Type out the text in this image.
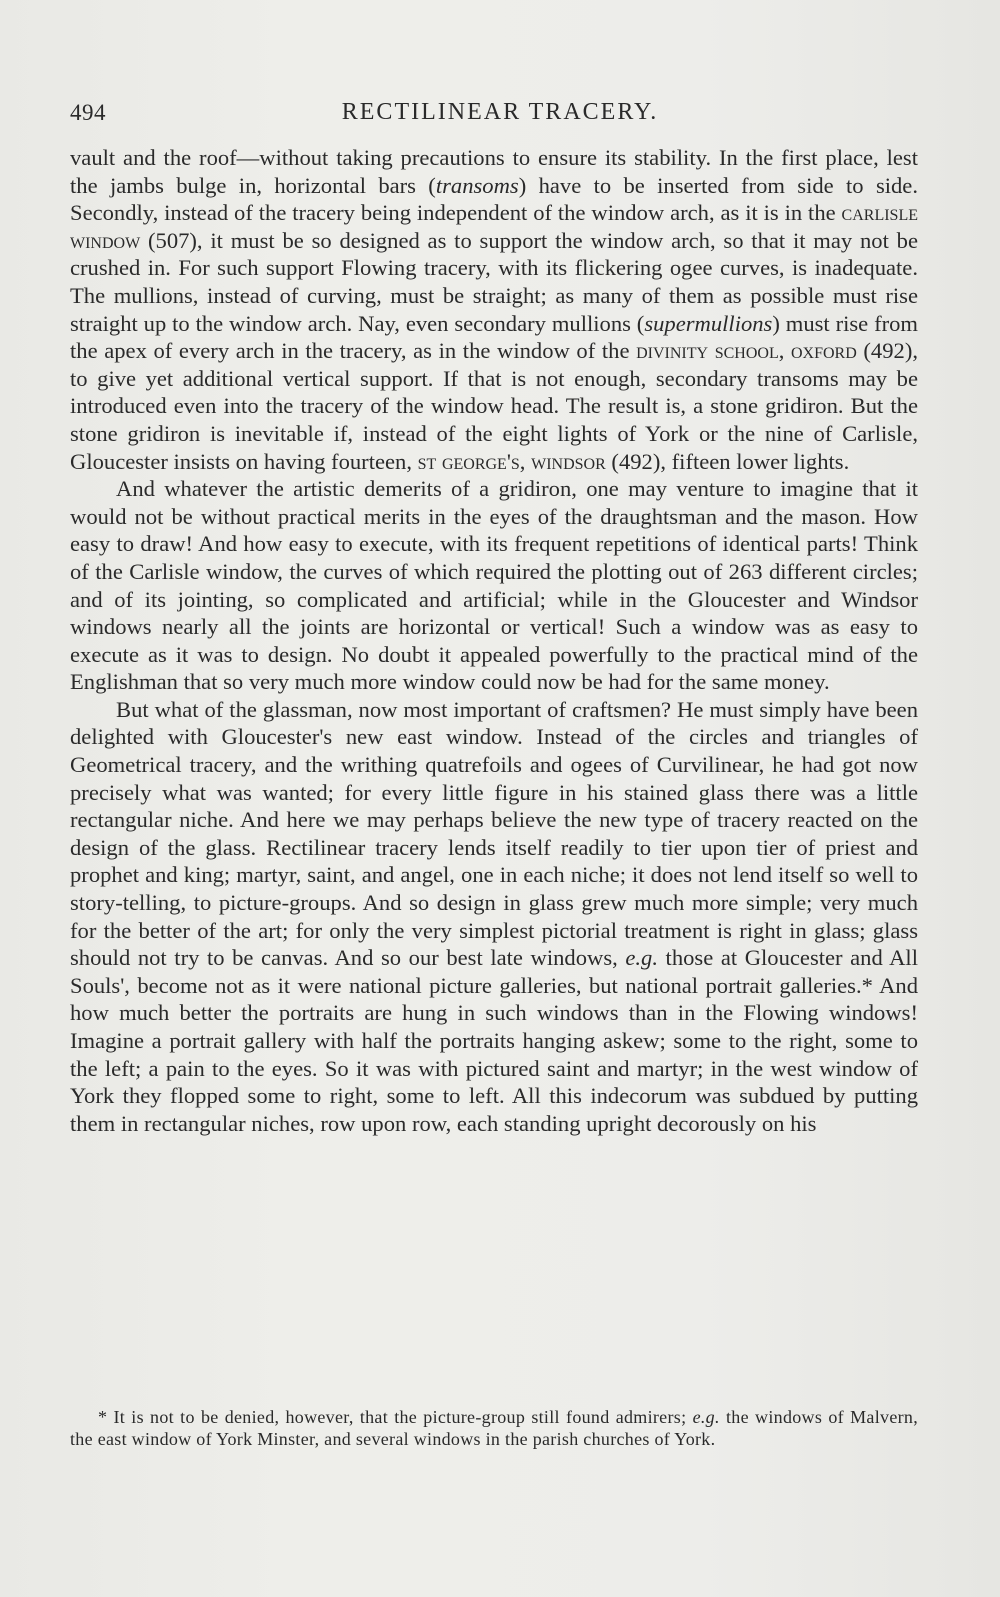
494	RECTILINEAR TRACERY.

vault and the roof—without taking precautions to ensure its stability. In the first place, lest the jambs bulge in, horizontal bars (transoms) have to be inserted from side to side. Secondly, instead of the tracery being independent of the window arch, as it is in the carlisle window (507), it must be so designed as to support the window arch, so that it may not be crushed in. For such support Flowing tracery, with its flickering ogee curves, is inadequate. The mullions, instead of curving, must be straight; as many of them as possible must rise straight up to the window arch. Nay, even secondary mullions (supermullions) must rise from the apex of every arch in the tracery, as in the window of the divinity school, oxford (492), to give yet additional vertical support. If that is not enough, secondary transoms may be introduced even into the tracery of the window head. The result is, a stone gridiron. But the stone gridiron is inevitable if, instead of the eight lights of York or the nine of Carlisle, Gloucester insists on having fourteen, st george's, windsor (492), fifteen lower lights.

And whatever the artistic demerits of a gridiron, one may venture to imagine that it would not be without practical merits in the eyes of the draughtsman and the mason. How easy to draw! And how easy to execute, with its frequent repetitions of identical parts! Think of the Carlisle window, the curves of which required the plotting out of 263 different circles; and of its jointing, so complicated and artificial; while in the Gloucester and Windsor windows nearly all the joints are horizontal or vertical! Such a window was as easy to execute as it was to design. No doubt it appealed powerfully to the practical mind of the Englishman that so very much more window could now be had for the same money.

But what of the glassman, now most important of craftsmen? He must simply have been delighted with Gloucester's new east window. Instead of the circles and triangles of Geometrical tracery, and the writhing quatrefoils and ogees of Curvilinear, he had got now precisely what was wanted; for every little figure in his stained glass there was a little rectangular niche. And here we may perhaps believe the new type of tracery reacted on the design of the glass. Rectilinear tracery lends itself readily to tier upon tier of priest and prophet and king; martyr, saint, and angel, one in each niche; it does not lend itself so well to story-telling, to picture-groups. And so design in glass grew much more simple; very much for the better of the art; for only the very simplest pictorial treatment is right in glass; glass should not try to be canvas. And so our best late windows, e.g. those at Gloucester and All Souls', become not as it were national picture galleries, but national portrait galleries.* And how much better the portraits are hung in such windows than in the Flowing windows! Imagine a portrait gallery with half the portraits hanging askew; some to the right, some to the left; a pain to the eyes. So it was with pictured saint and martyr; in the west window of York they flopped some to right, some to left. All this indecorum was subdued by putting them in rectangular niches, row upon row, each standing upright decorously on his

* It is not to be denied, however, that the picture-group still found admirers; e.g. the windows of Malvern, the east window of York Minster, and several windows in the parish churches of York.
